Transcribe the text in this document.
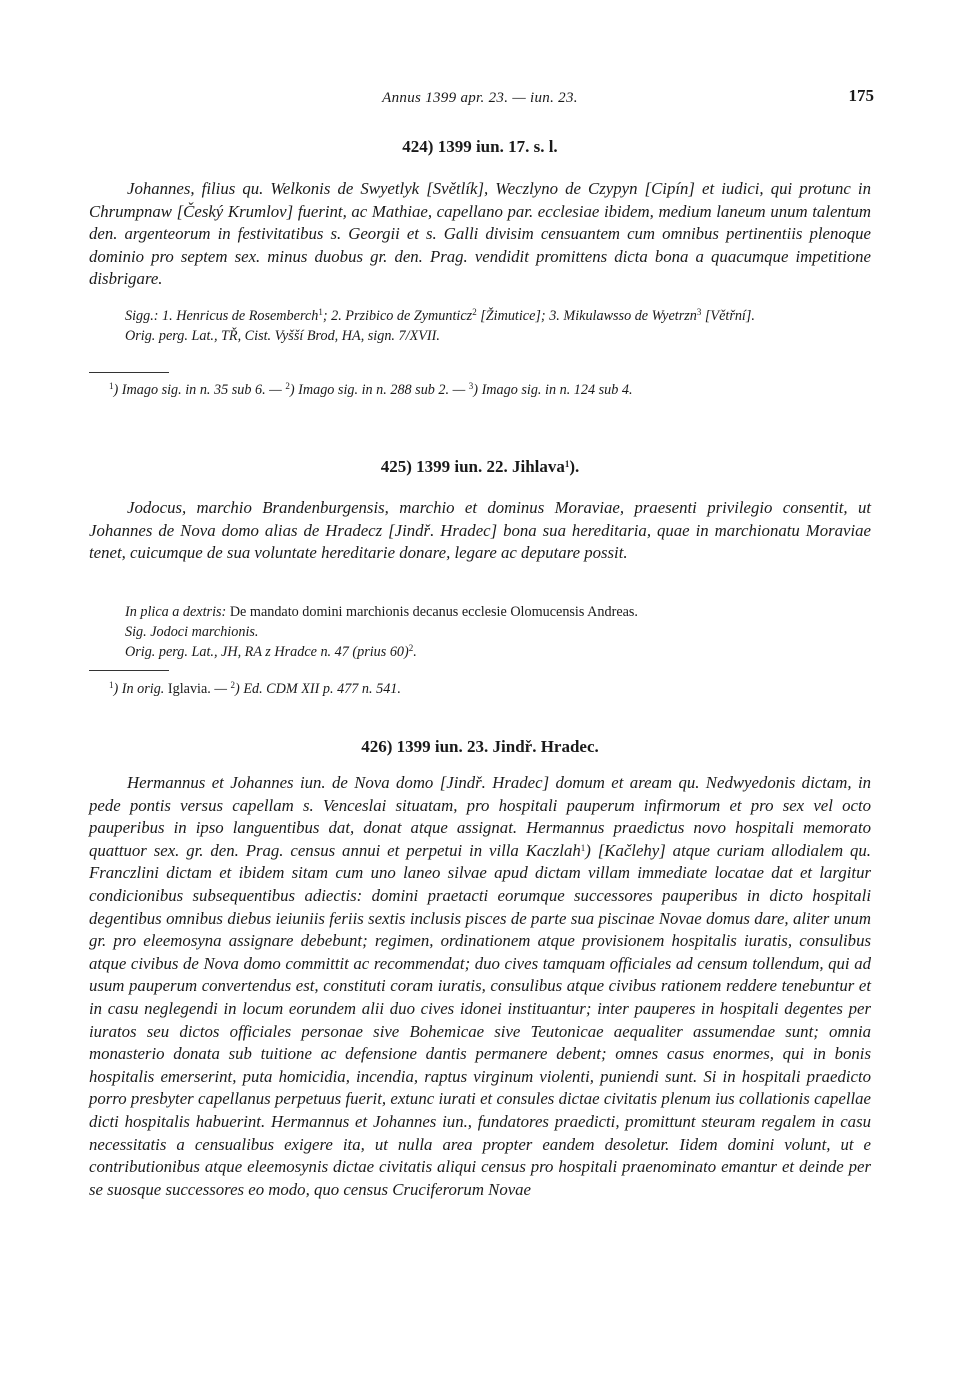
Annus 1399 apr. 23. — iun. 23.	175
424) 1399 iun. 17. s. l.

Johannes, filius qu. Welkonis de Swyetlyk [Světlík], Weczlyno de Czypyn [Cipín] et iudici, qui protunc in Chrumpnaw [Český Krumlov] fuerint, ac Mathiae, capellano par. ecclesiae ibidem, medium laneum unum talentum den. argenteorum in festivitatibus s. Georgii et s. Galli divisim censuantem cum omnibus pertinentiis plenoque dominio pro septem sex. minus duobus gr. den. Prag. vendidit promittens dicta bona a quacumque impetitione disbrigare.

Sigg.: 1. Henricus de Rosemberch$^1$; 2. Przibico de Zymunticz$^2$ [Žimutice]; 3. Mikulawsso de Wyetrzn$^3$ [Větřní].

Orig. perg. Lat., TŘ, Cist. Vyšší Brod, HA, sign. 7/XVII.

$^1$) Imago sig. in n. 35 sub 6. — $^2$) Imago sig. in n. 288 sub 2. — $^3$) Imago sig. in n. 124 sub 4.

425) 1399 iun. 22. Jihlava$^1$).

Jodocus, marchio Brandenburgensis, marchio et dominus Moraviae, praesenti privilegio consentit, ut Johannes de Nova domo alias de Hradecz [Jindř. Hradec] bona sua hereditaria, quae in marchionatu Moraviae tenet, cuicumque de sua voluntate hereditarie donare, legare ac deputare possit.

In plica a dextris: De mandato domini marchionis decanus ecclesie Olomucensis Andreas.

Sig. Jodoci marchionis.

Orig. perg. Lat., JH, RA z Hradce n. 47 (prius 60)$^2$.

$^1$) In orig. Iglavia. — $^2$) Ed. CDM XII p. 477 n. 541.

426) 1399 iun. 23. Jindř. Hradec.

Hermannus et Johannes iun. de Nova domo [Jindř. Hradec] domum et aream qu. Nedwyedonis dictam, in pede pontis versus capellam s. Venceslai situatam, pro hospitali pauperum infirmorum et pro sex vel octo pauperibus in ipso languentibus dat, donat atque assignat. Hermannus praedictus novo hospitali memorato quattuor sex. gr. den. Prag. census annui et perpetui in villa Kaczlah$^1$) [Kačlehy] atque curiam allodialem qu. Franczlini dictam et ibidem sitam cum uno laneo silvae apud dictam villam immediate locatae dat et largitur condicionibus subsequentibus adiectis: domini praetacti eorumque successores pauperibus in dicto hospitali degentibus omnibus diebus ieiuniis feriis sextis inclusis pisces de parte sua piscinae Novae domus dare, aliter unum gr. pro eleemosyna assignare debebunt; regimen, ordinationem atque provisionem hospitalis iuratis, consulibus atque civibus de Nova domo committit ac recommendat; duo cives tamquam officiales ad censum tollendum, qui ad usum pauperum convertendus est, constituti coram iuratis, consulibus atque civibus rationem reddere tenebuntur et in casu neglegendi in locum eorundem alii duo cives idonei instituantur; inter pauperes in hospitali degentes per iuratos seu dictos officiales personae sive Bohemicae sive Teutonicae aequaliter assumendae sunt; omnia monasterio donata sub tuitione ac defensione dantis permanere debent; omnes casus enormes, qui in bonis hospitalis emerserint, puta homicidia, incendia, raptus virginum violenti, puniendi sunt. Si in hospitali praedicto porro presbyter capellanus perpetuus fuerit, extunc iurati et consules dictae civitatis plenum ius collationis capellae dicti hospitalis habuerint. Hermannus et Johannes iun., fundatores praedicti, promittunt steuram regalem in casu necessitatis a censualibus exigere ita, ut nulla area propter eandem desoletur. Iidem domini volunt, ut e contributionibus atque eleemosynis dictae civitatis aliqui census pro hospitali praenominato emantur et deinde per se suosque successores eo modo, quo census Cruciferorum Novae
